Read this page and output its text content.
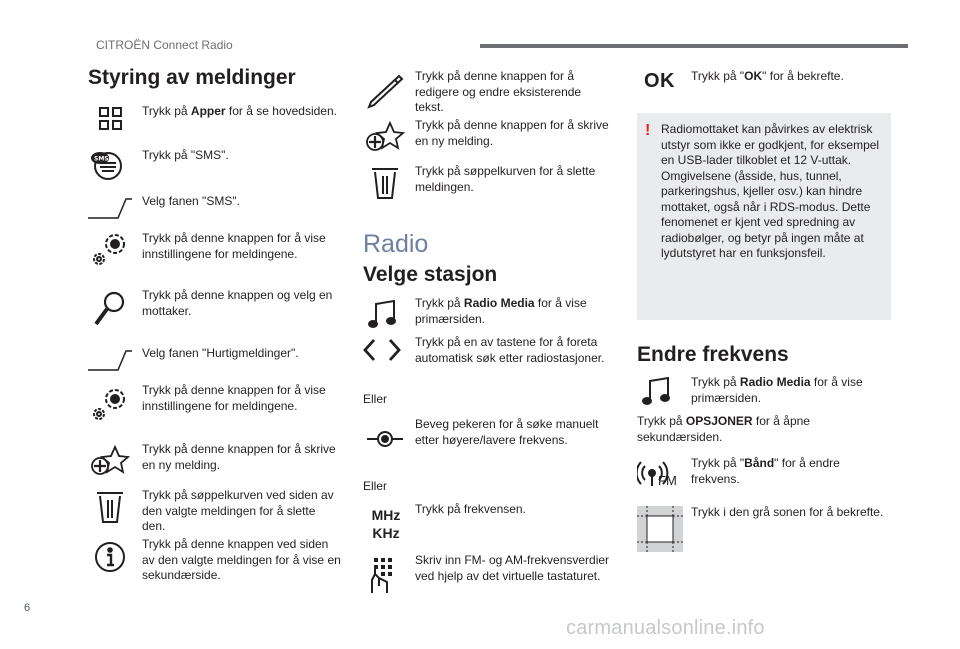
CITROËN Connect Radio
Styring av meldinger
Trykk på Apper for å se hovedsiden.
SMS	Trykk på "SMS".
Velg fanen "SMS".
Trykk på denne knappen for å vise innstillingene for meldingene.
Trykk på denne knappen og velg en mottaker.
Velg fanen "Hurtigmeldinger".
Trykk på denne knappen for å vise innstillingene for meldingene.
Trykk på denne knappen for å skrive en ny melding.
Trykk på søppelkurven ved siden av den valgte meldingen for å slette den.
Trykk på denne knappen ved siden av den valgte meldingen for å vise en sekundærside.
Trykk på denne knappen for å redigere og endre eksisterende tekst.
Trykk på denne knappen for å skrive en ny melding.
Trykk på søppelkurven for å slette meldingen.
Radio
Velge stasjon
Trykk på Radio Media for å vise primærsiden.
Trykk på en av tastene for å foreta automatisk søk etter radiostasjoner.
Eller
Beveg pekeren for å søke manuelt etter høyere/lavere frekvens.
Eller
MHz
KHz
Trykk på frekvensen.
Skriv inn FM- og AM-frekvensverdier ved hjelp av det virtuelle tastaturet.
OK Trykk på "OK" for å bekrefte.
! Radiomottaket kan påvirkes av elektrisk utstyr som ikke er godkjent, for eksempel en USB-lader tilkoblet et 12 V-uttak. Omgivelsene (åsside, hus, tunnel, parkeringshus, kjeller osv.) kan hindre mottaket, også når i RDS-modus. Dette fenomenet er kjent ved spredning av radiobølger, og betyr på ingen måte at lydutstyret har en funksjonsfeil.
Endre frekvens
Trykk på Radio Media for å vise primærsiden.
Trykk på OPSJONER for å åpne sekundærsiden.
FM
Trykk på "Bånd" for å endre frekvens.
Trykk i den grå sonen for å bekrefte.
6
carmanualsonline.info
